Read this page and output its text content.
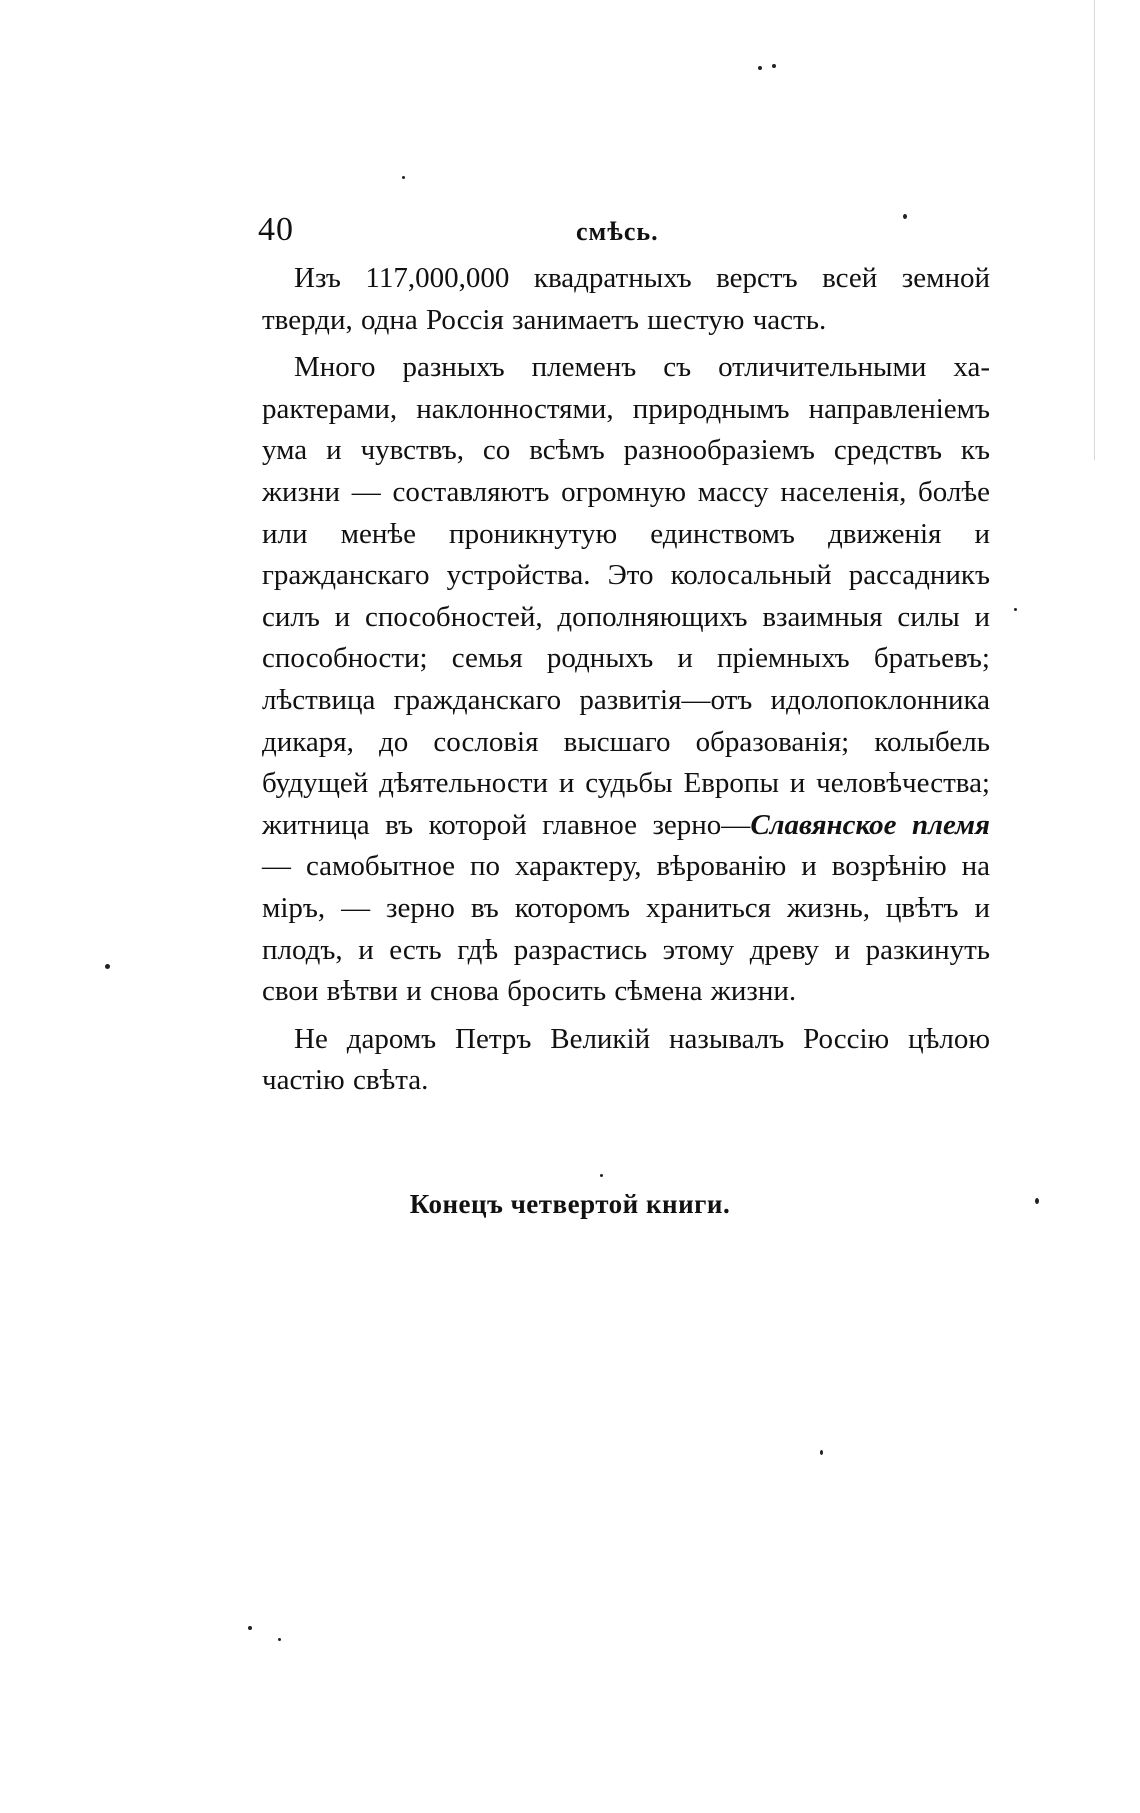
40	смѣсь.

Изъ 117,000,000 квадратныхъ верстъ всей земной тверди, одна Россія занимаетъ шестую часть.

Много разныхъ племенъ съ отличительными характерами, наклонностями, природнымъ направленіемъ ума и чувствъ, со всѣмъ разнообразіемъ средствъ къ жизни — составляютъ огромную массу населенія, болѣе или менѣе проникнутую единствомъ движенія и гражданскаго устройства. Это колосальный рассадникъ силъ и способностей, дополняющихъ взаимныя силы и способности; семья родныхъ и пріемныхъ братьевъ; лѣствица гражданскаго развитія—отъ идолопоклонника дикаря, до сословія высшаго образованія; колыбель будущей дѣятельности и судьбы Европы и человѣчества; житница въ которой главное зерно—Славянское племя — самобытное по характеру, вѣрованію и возрѣнію на міръ, — зерно въ которомъ храниться жизнь, цвѣтъ и плодъ, и есть гдѣ разрастись этому древу и разкинуть свои вѣтви и снова бросить сѣмена жизни.

Не даромъ Петръ Великій называлъ Россію цѣлою частію свѣта.

Конецъ четвертой книги.
